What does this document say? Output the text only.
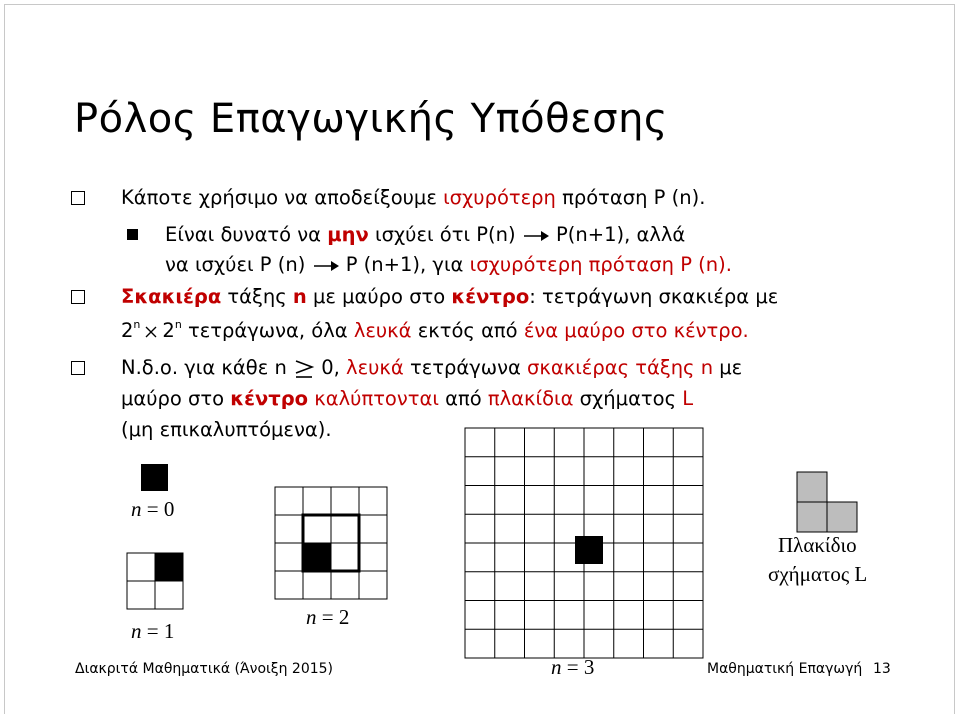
Ρόλος Επαγωγικής Υπόθεσης
Κάποτε χρήσιμο να αποδείξουμε ισχυρότερη πρόταση P (n).
Είναι δυνατό να μην ισχύει ότι P(n)  P(n+1), αλλά
να ισχύει P (n)  P (n+1), για ισχυρότερη πρόταση P (n).
Σκακιέρα τάξης n με μαύρο στο κέντρο: τετράγωνη σκακιέρα με
2$^n$ 2$^n$ τετράγωνα, όλα λευκά εκτός από ένα μαύρο στο κέντρο.
Ν.δ.ο. για κάθε n  0, λευκά τετράγωνα σκακιέρας τάξης n με
μαύρο στο κέντρο καλύπτονται από πλακίδια σχήματος L
(μη επικαλυπτόμενα).
n = 0
n = 1
n = 2
n = 3
Πλακίδιο
σχήματος L
Διακριτά Μαθηματικά (Άνοιξη 2015)	Μαθηματική Επαγωγή 13
